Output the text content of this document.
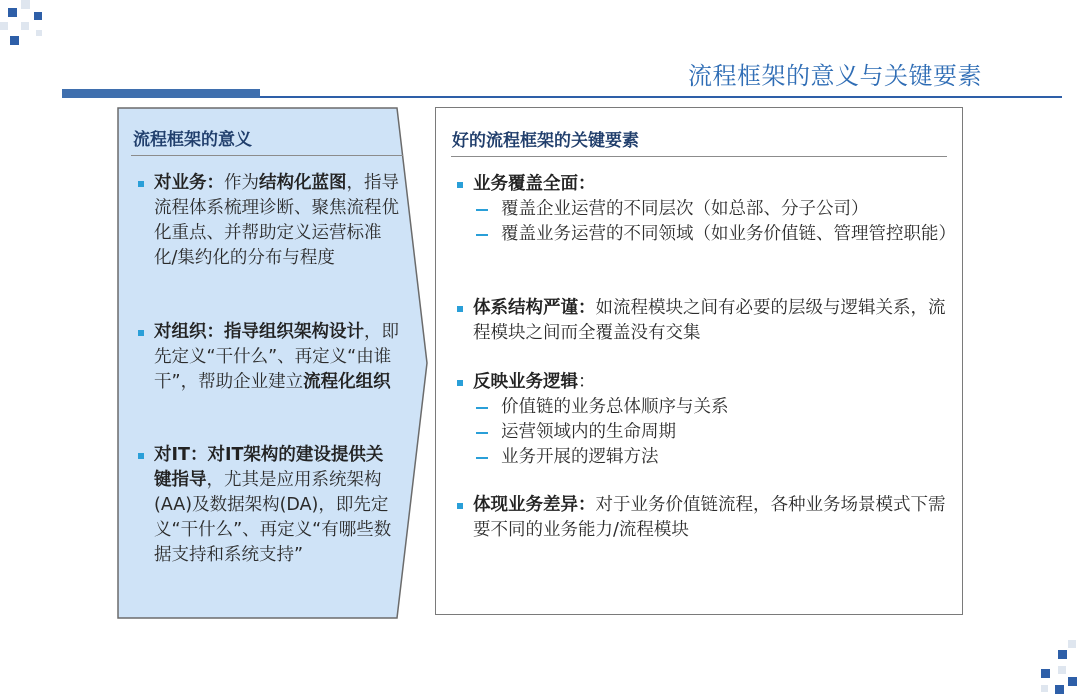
流程框架的意义与关键要素
流程框架的意义
对业务：作为结构化蓝图，指导流程体系梳理诊断、聚焦流程优化重点、并帮助定义运营标准化/集约化的分布与程度
对组织：指导组织架构设计，即先定义“干什么”、再定义“由谁干”，帮助企业建立流程化组织
对IT：对IT架构的建设提供关键指导，尤其是应用系统架构(AA)及数据架构(DA)，即先定义“干什么”、再定义“有哪些数据支持和系统支持”
好的流程框架的关键要素
业务覆盖全面：
覆盖企业运营的不同层次（如总部、分子公司）
覆盖业务运营的不同领域（如业务价值链、管理管控职能）
体系结构严谨：如流程模块之间有必要的层级与逻辑关系，流程模块之间而全覆盖没有交集
反映业务逻辑：
价值链的业务总体顺序与关系
运营领域内的生命周期
业务开展的逻辑方法
体现业务差异：对于业务价值链流程，各种业务场景模式下需要不同的业务能力/流程模块
